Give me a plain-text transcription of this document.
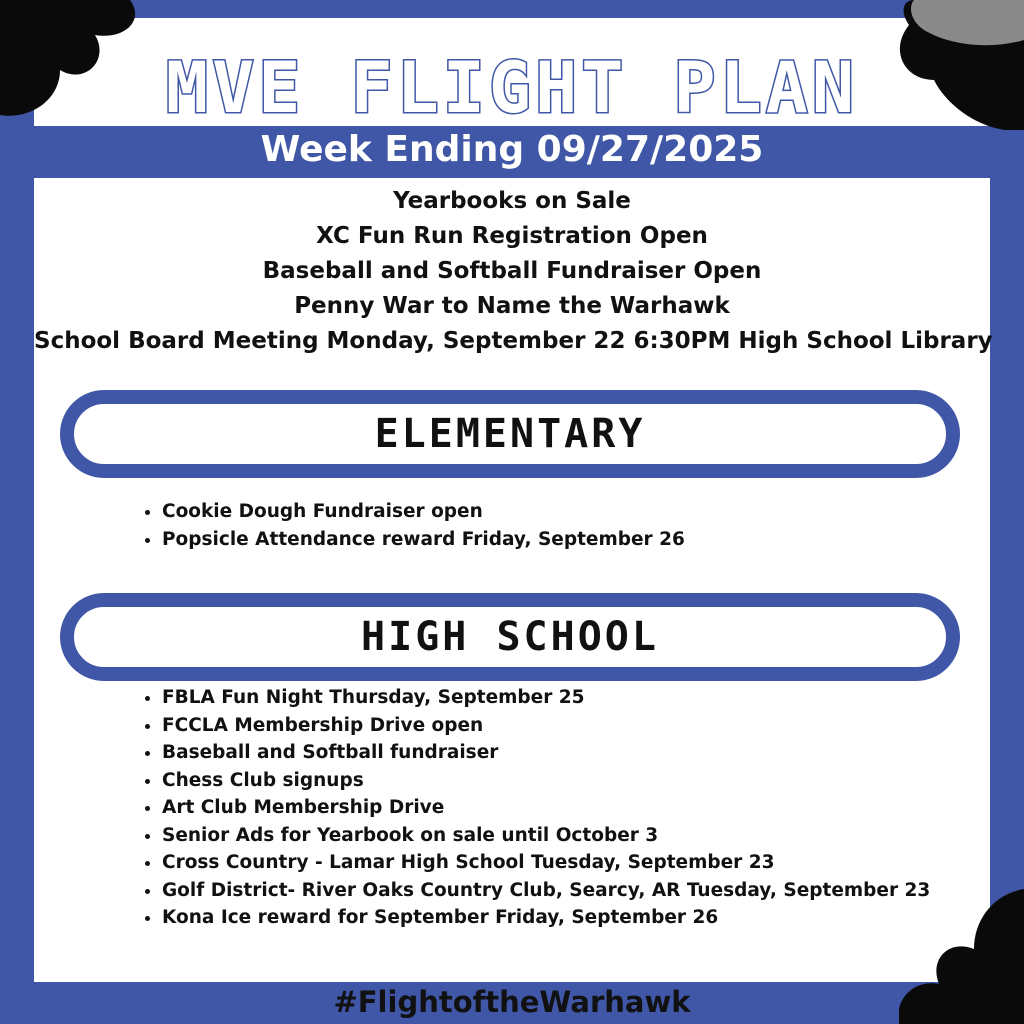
MVE FLIGHT PLAN
Week Ending 09/27/2025
Yearbooks on Sale
XC Fun Run Registration Open
Baseball and Softball Fundraiser Open
Penny War to Name the Warhawk
School Board Meeting Monday, September 22 6:30PM High School Library
ELEMENTARY
• Cookie Dough Fundraiser open
• Popsicle Attendance reward Friday, September 26
HIGH SCHOOL
• FBLA Fun Night Thursday, September 25
• FCCLA Membership Drive open
• Baseball and Softball fundraiser
• Chess Club signups
• Art Club Membership Drive
• Senior Ads for Yearbook on sale until October 3
• Cross Country - Lamar High School Tuesday, September 23
• Golf District- River Oaks Country Club, Searcy, AR Tuesday, September 23
• Kona Ice reward for September Friday, September 26
#FlightoftheWarhawk
